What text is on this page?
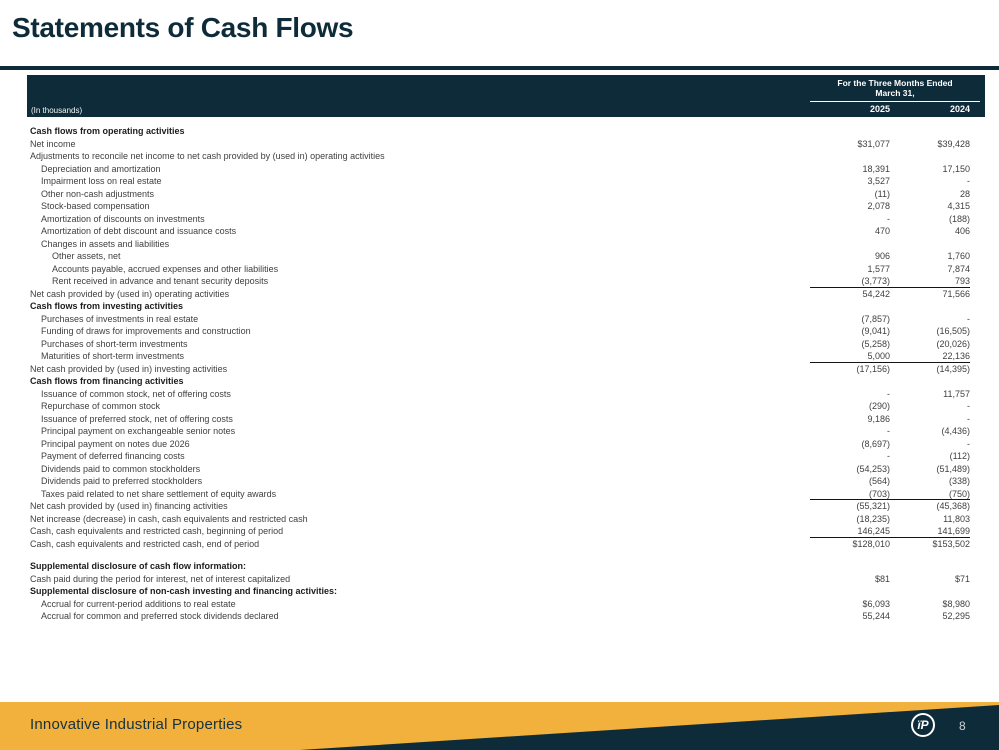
Statements of Cash Flows
(In thousands)
For the Three Months Ended
March 31,
2025	2024
Cash flows from operating activities
Net income	$31,077	$39,428
Adjustments to reconcile net income to net cash provided by (used in) operating activities
Depreciation and amortization	18,391	17,150
Impairment loss on real estate	3,527	-
Other non-cash adjustments	(11)	28
Stock-based compensation	2,078	4,315
Amortization of discounts on investments	-	(188)
Amortization of debt discount and issuance costs	470	406
Changes in assets and liabilities
Other assets, net	906	1,760
Accounts payable, accrued expenses and other liabilities	1,577	7,874
Rent received in advance and tenant security deposits	(3,773)	793
Net cash provided by (used in) operating activities	54,242	71,566
Cash flows from investing activities
Purchases of investments in real estate	(7,857)	-
Funding of draws for improvements and construction	(9,041)	(16,505)
Purchases of short-term investments	(5,258)	(20,026)
Maturities of short-term investments	5,000	22,136
Net cash provided by (used in) investing activities	(17,156)	(14,395)
Cash flows from financing activities
Issuance of common stock, net of offering costs	-	11,757
Repurchase of common stock	(290)	-
Issuance of preferred stock, net of offering costs	9,186	-
Principal payment on exchangeable senior notes	-	(4,436)
Principal payment on notes due 2026	(8,697)	-
Payment of deferred financing costs	-	(112)
Dividends paid to common stockholders	(54,253)	(51,489)
Dividends paid to preferred stockholders	(564)	(338)
Taxes paid related to net share settlement of equity awards	(703)	(750)
Net cash provided by (used in) financing activities	(55,321)	(45,368)
Net increase (decrease) in cash, cash equivalents and restricted cash	(18,235)	11,803
Cash, cash equivalents and restricted cash, beginning of period	146,245	141,699
Cash, cash equivalents and restricted cash, end of period	$128,010	$153,502
Supplemental disclosure of cash flow information:
Cash paid during the period for interest, net of interest capitalized	$81	$71
Supplemental disclosure of non-cash investing and financing activities:
Accrual for current-period additions to real estate	$6,093	$8,980
Accrual for common and preferred stock dividends declared	55,244	52,295
Innovative Industrial Properties	ïP	8
